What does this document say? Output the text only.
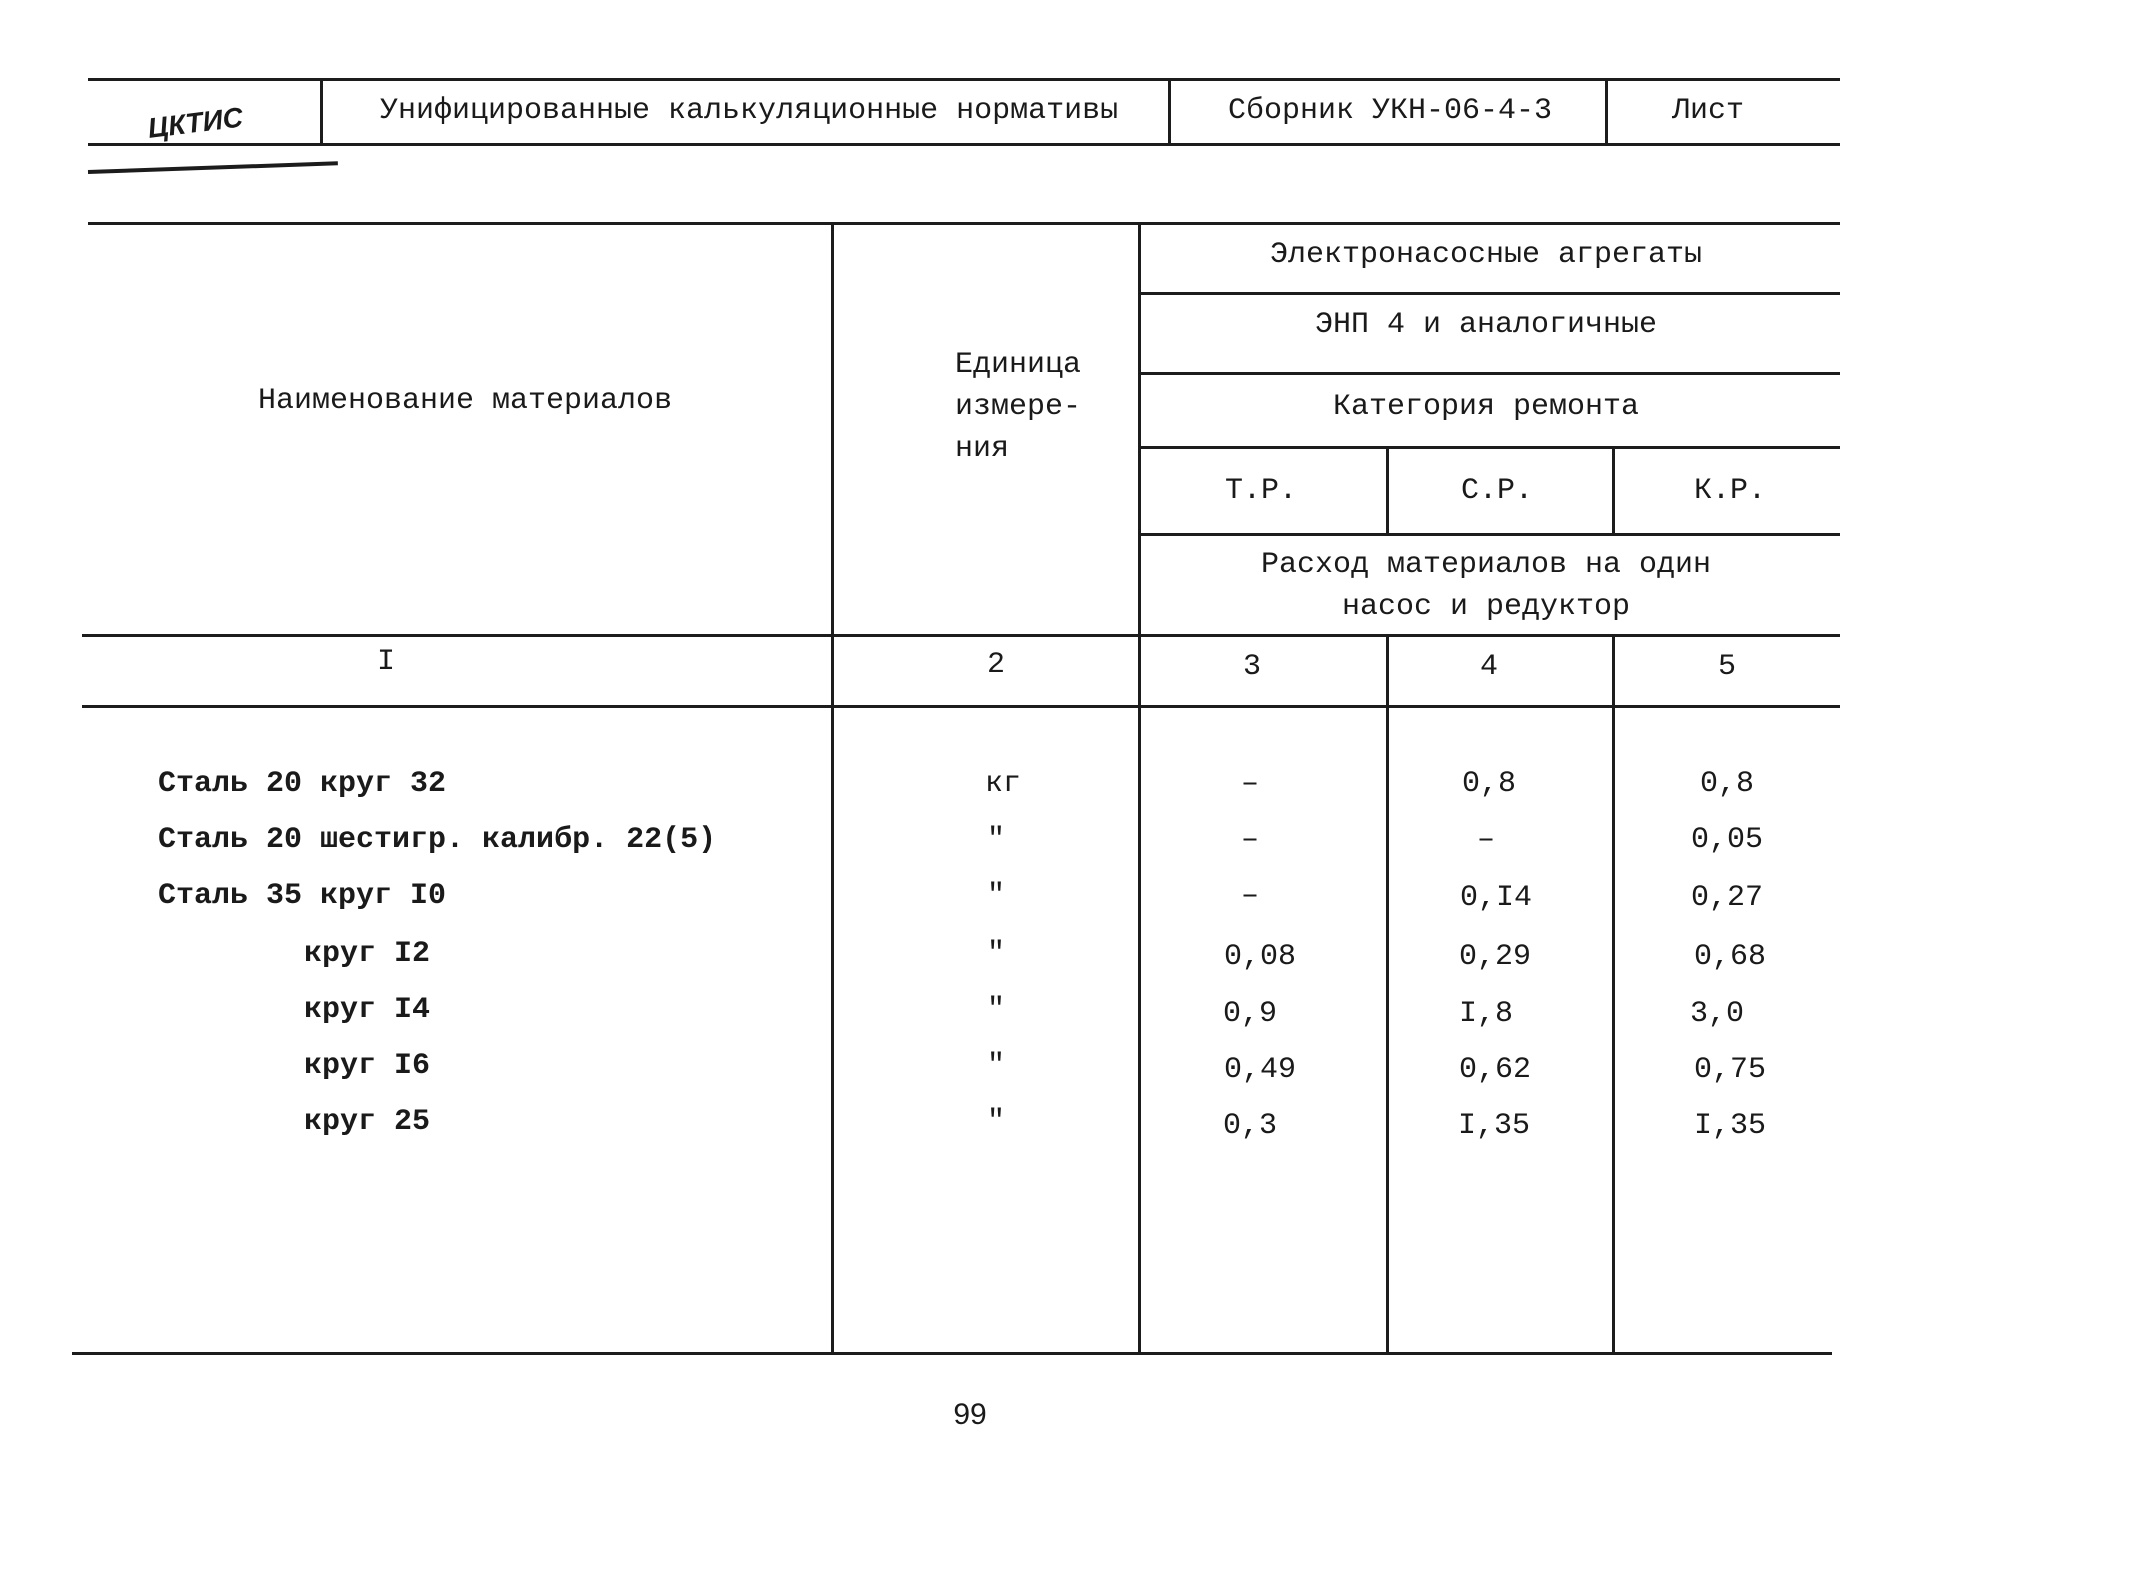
ЦКТИС	Унифицированные калькуляционные нормативы	Сборник УКН-06-4-3	Лист
Наименование материалов
Единица
измере-
ния
Электронасосные агрегаты
ЭНП 4 и аналогичные
Категория ремонта
Т.Р.	С.Р.	К.Р.
Расход материалов на один
насос и редуктор
I	2	3	4	5
Сталь 20 круг 32	кг	–	0,8	0,8
Сталь 20 шестигр. калибр. 22(5)	"	–	–	0,05
Сталь 35 круг I0	"	–	0,I4	0,27
круг I2	"	0,08	0,29	0,68
круг I4	"	0,9	I,8	3,0
круг I6	"	0,49	0,62	0,75
круг 25	"	0,3	I,35	I,35
99
